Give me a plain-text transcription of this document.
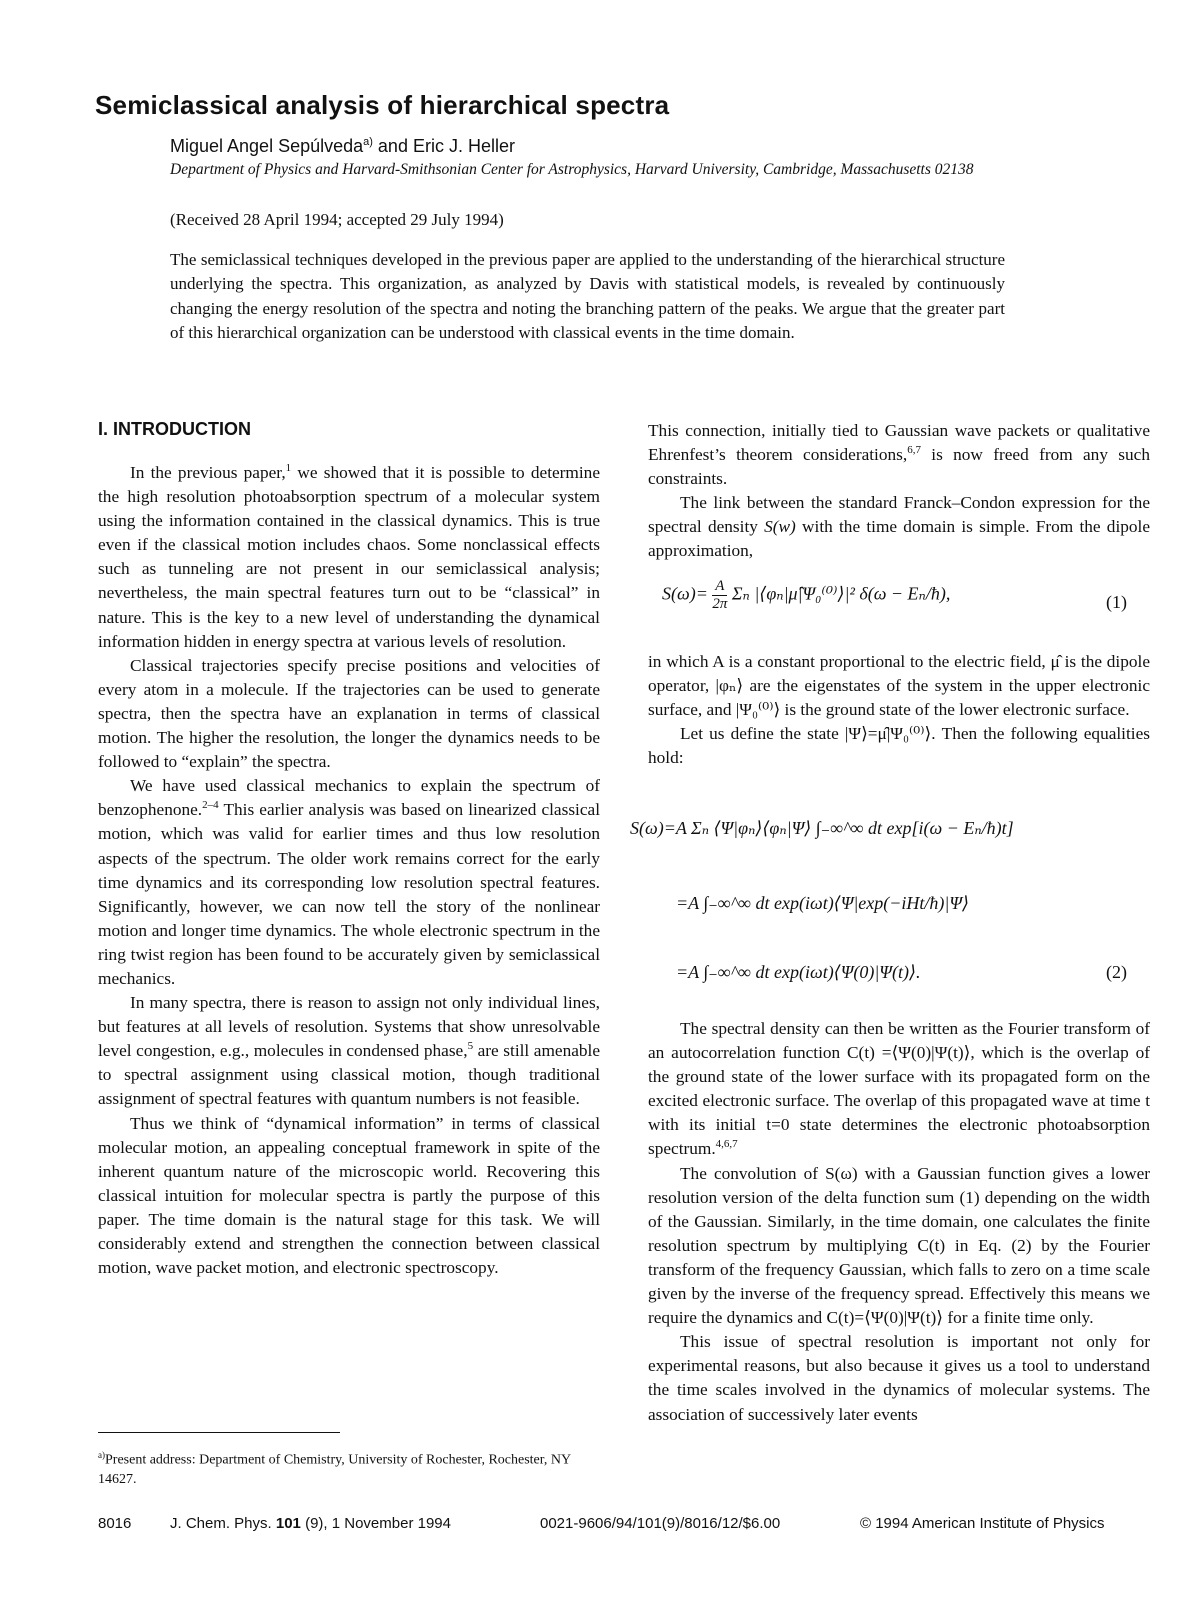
Semiclassical analysis of hierarchical spectra
Miguel Angel Sepúlveda$^{a)}$ and Eric J. Heller
Department of Physics and Harvard-Smithsonian Center for Astrophysics, Harvard University, Cambridge, Massachusetts 02138
(Received 28 April 1994; accepted 29 July 1994)
The semiclassical techniques developed in the previous paper are applied to the understanding of the hierarchical structure underlying the spectra. This organization, as analyzed by Davis with statistical models, is revealed by continuously changing the energy resolution of the spectra and noting the branching pattern of the peaks. We argue that the greater part of this hierarchical organization can be understood with classical events in the time domain.
I. INTRODUCTION

In the previous paper,$^1$ we showed that it is possible to determine the high resolution photoabsorption spectrum of a molecular system using the information contained in the classical dynamics. This is true even if the classical motion includes chaos. Some nonclassical effects such as tunneling are not present in our semiclassical analysis; nevertheless, the main spectral features turn out to be “classical” in nature. This is the key to a new level of understanding the dynamical information hidden in energy spectra at various levels of resolution.

Classical trajectories specify precise positions and velocities of every atom in a molecule. If the trajectories can be used to generate spectra, then the spectra have an explanation in terms of classical motion. The higher the resolution, the longer the dynamics needs to be followed to “explain” the spectra.

We have used classical mechanics to explain the spectrum of benzophenone.$^{2-4}$ This earlier analysis was based on linearized classical motion, which was valid for earlier times and thus low resolution aspects of the spectrum. The older work remains correct for the early time dynamics and its corresponding low resolution spectral features. Significantly, however, we can now tell the story of the nonlinear motion and longer time dynamics. The whole electronic spectrum in the ring twist region has been found to be accurately given by semiclassical mechanics.

In many spectra, there is reason to assign not only individual lines, but features at all levels of resolution. Systems that show unresolvable level congestion, e.g., molecules in condensed phase,$^5$ are still amenable to spectral assignment using classical motion, though traditional assignment of spectral features with quantum numbers is not feasible.

Thus we think of “dynamical information” in terms of classical molecular motion, an appealing conceptual framework in spite of the inherent quantum nature of the microscopic world. Recovering this classical intuition for molecular spectra is partly the purpose of this paper. The time domain is the natural stage for this task. We will considerably extend and strengthen the connection between classical motion, wave packet motion, and electronic spectroscopy.

$^{a)}$Present address: Department of Chemistry, University of Rochester, Rochester, NY 14627.

This connection, initially tied to Gaussian wave packets or qualitative Ehrenfest’s theorem considerations,$^{6,7}$ is now freed from any such constraints.

The link between the standard Franck–Condon expression for the spectral density S(w) with the time domain is simple. From the dipole approximation,

$S(\omega)= \frac{A}{2\pi}$ Σₙ |⟨φₙ|μ̂|Ψ₀⁽⁰⁾⟩|² δ(ω − Eₙ/ħ),	(1)

in which A is a constant proportional to the electric field, μ̂ is the dipole operator, |φₙ⟩ are the eigenstates of the system in the upper electronic surface, and |Ψ₀⁽⁰⁾⟩ is the ground state of the lower electronic surface.

Let us define the state |Ψ⟩=μ̂|Ψ₀⁽⁰⁾⟩. Then the following equalities hold:

S(ω)=A Σₙ ⟨Ψ|φₙ⟩⟨φₙ|Ψ⟩ ∫₋∞^∞ dt exp[i(ω − Eₙ/ħ)t]
=A ∫₋∞^∞ dt exp(iωt)⟨Ψ|exp(−iHt/ħ)|Ψ⟩
=A ∫₋∞^∞ dt exp(iωt)⟨Ψ(0)|Ψ(t)⟩.	(2)

The spectral density can then be written as the Fourier transform of an autocorrelation function C(t) =⟨Ψ(0)|Ψ(t)⟩, which is the overlap of the ground state of the lower surface with its propagated form on the excited electronic surface. The overlap of this propagated wave at time t with its initial t=0 state determines the electronic photoabsorption spectrum.$^{4,6,7}$

The convolution of S(ω) with a Gaussian function gives a lower resolution version of the delta function sum (1) depending on the width of the Gaussian. Similarly, in the time domain, one calculates the finite resolution spectrum by multiplying C(t) in Eq. (2) by the Fourier transform of the frequency Gaussian, which falls to zero on a time scale given by the inverse of the frequency spread. Effectively this means we require the dynamics and C(t)=⟨Ψ(0)|Ψ(t)⟩ for a finite time only.

This issue of spectral resolution is important not only for experimental reasons, but also because it gives us a tool to understand the time scales involved in the dynamics of molecular systems. The association of successively later events

8016	J. Chem. Phys. 101 (9), 1 November 1994	0021-9606/94/101(9)/8016/12/$6.00	© 1994 American Institute of Physics
